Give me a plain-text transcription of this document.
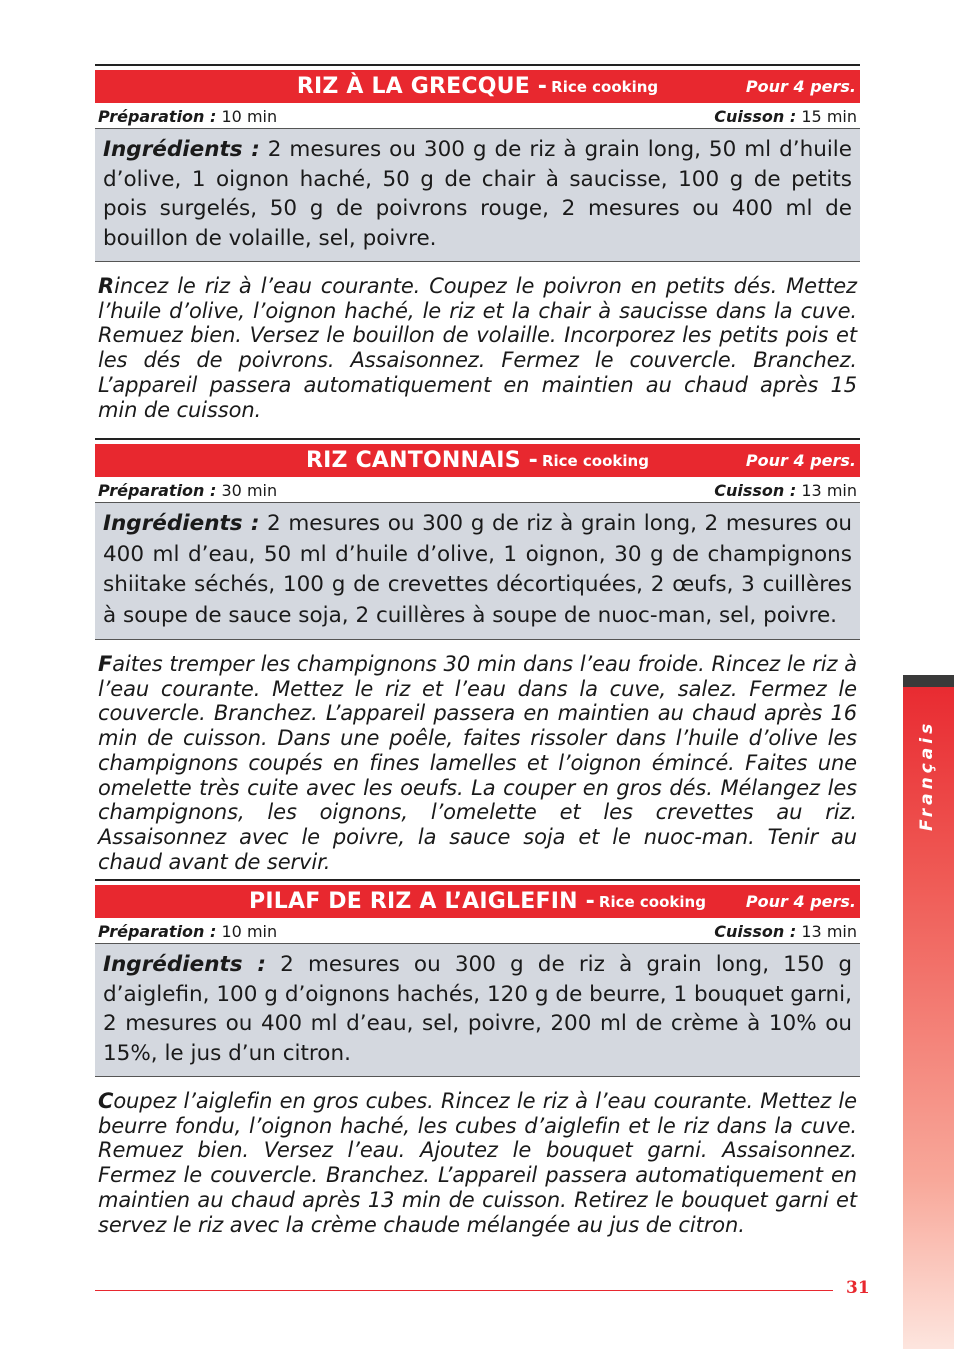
RIZ À LA GRECQUE - Rice cooking	Pour 4 pers.
Préparation : 10 min	Cuisson : 15 min
Ingrédients : 2 mesures ou 300 g de riz à grain long, 50 ml d’huile d’olive, 1 oignon haché, 50 g de chair à saucisse, 100 g de petits pois surgelés, 50 g de poivrons rouge, 2 mesures ou 400 ml de bouillon de volaille, sel, poivre.
Rincez le riz à l’eau courante. Coupez le poivron en petits dés. Mettez l’huile d’olive, l’oignon haché, le riz et la chair à saucisse dans la cuve. Remuez bien. Versez le bouillon de volaille. Incorporez les petits pois et les dés de poivrons. Assaisonnez. Fermez le couvercle. Branchez. L’appareil passera automatiquement en maintien au chaud après 15 min de cuisson.
RIZ CANTONNAIS - Rice cooking	Pour 4 pers.
Préparation : 30 min	Cuisson : 13 min
Ingrédients : 2 mesures ou 300 g de riz à grain long, 2 mesures ou 400 ml d’eau, 50 ml d’huile d’olive, 1 oignon, 30 g de champignons shiitake séchés, 100 g de crevettes décortiquées, 2 œufs, 3 cuillères à soupe de sauce soja, 2 cuillères à soupe de nuoc-man, sel, poivre.
Faites tremper les champignons 30 min dans l’eau froide. Rincez le riz à l’eau courante. Mettez le riz et l’eau dans la cuve, salez. Fermez le couvercle. Branchez. L’appareil passera en maintien au chaud après 16 min de cuisson. Dans une poêle, faites rissoler dans l’huile d’olive les champignons coupés en fines lamelles et l’oignon émincé. Faites une omelette très cuite avec les oeufs. La couper en gros dés. Mélangez les champignons, les oignons, l’omelette et les crevettes au riz. Assaisonnez avec le poivre, la sauce soja et le nuoc-man. Tenir au chaud avant de servir.
PILAF DE RIZ A L’AIGLEFIN - Rice cooking Pour 4 pers.
Préparation : 10 min	Cuisson : 13 min
Ingrédients : 2 mesures ou 300 g de riz à grain long, 150 g d’aiglefin, 100 g d’oignons hachés, 120 g de beurre, 1 bouquet garni, 2 mesures ou 400 ml d’eau, sel, poivre, 200 ml de crème à 10% ou 15%, le jus d’un citron.
Coupez l’aiglefin en gros cubes. Rincez le riz à l’eau courante. Mettez le beurre fondu, l’oignon haché, les cubes d’aiglefin et le riz dans la cuve. Remuez bien. Versez l’eau. Ajoutez le bouquet garni. Assaisonnez. Fermez le couvercle. Branchez. L’appareil passera automatiquement en maintien au chaud après 13 min de cuisson. Retirez le bouquet garni et servez le riz avec la crème chaude mélangée au jus de citron.
Français
31
